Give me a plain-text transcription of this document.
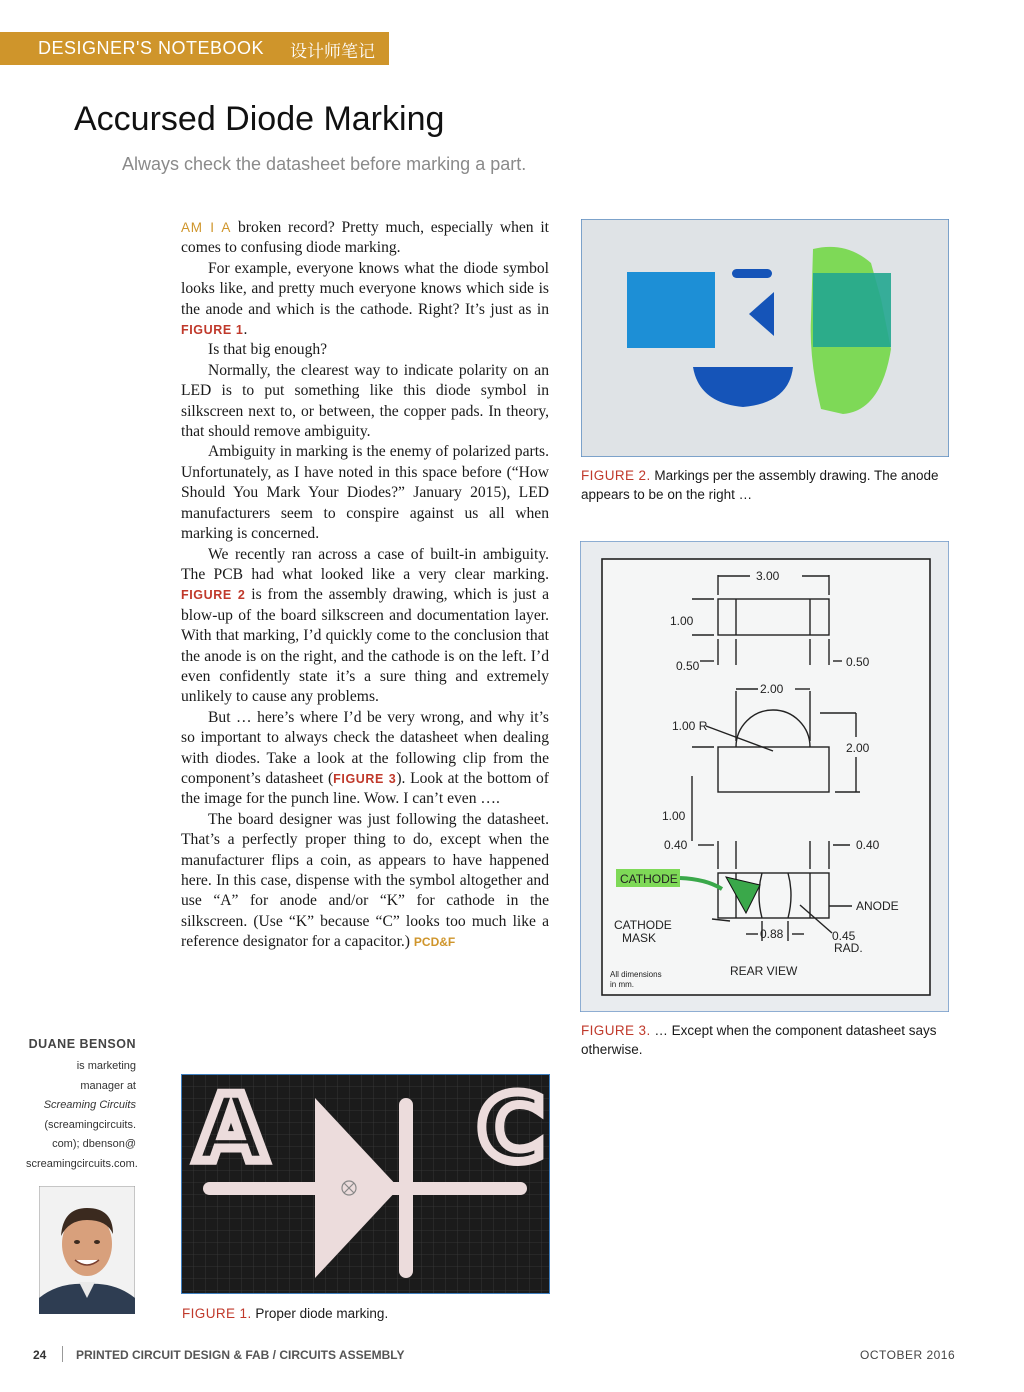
DESIGNER'S NOTEBOOK 设计师笔记
Accursed Diode Marking
Always check the datasheet before marking a part.

AM I A broken record? Pretty much, especially when it comes to confusing diode marking.

For example, everyone knows what the diode symbol looks like, and pretty much everyone knows which side is the anode and which is the cathode. Right? It’s just as in FIGURE 1.

Is that big enough?

Normally, the clearest way to indicate polarity on an LED is to put something like this diode symbol in silkscreen next to, or between, the copper pads. In theory, that should remove ambiguity.

Ambiguity in marking is the enemy of polarized parts. Unfortunately, as I have noted in this space before (“How Should You Mark Your Diodes?” January 2015), LED manufacturers seem to conspire against us all when marking is concerned.

We recently ran across a case of built-in ambiguity. The PCB had what looked like a very clear marking. FIGURE 2 is from the assembly drawing, which is just a blow-up of the board silkscreen and documentation layer. With that marking, I’d quickly come to the conclusion that the anode is on the right, and the cathode is on the left. I’d even confidently state it’s a sure thing and extremely unlikely to cause any problems.

But … here’s where I’d be very wrong, and why it’s so important to always check the datasheet when dealing with diodes. Take a look at the following clip from the component’s datasheet (FIGURE 3). Look at the bottom of the image for the punch line. Wow. I can’t even ….

The board designer was just following the datasheet. That’s a perfectly proper thing to do, except when the manufacturer flips a coin, as appears to have happened here. In this case, dispense with the symbol altogether and use “A” for anode and/or “K” for cathode in the silkscreen. (Use “K” because “C” looks too much like a reference designator for a capacitor.) PCD&F

FIGURE 2. Markings per the assembly drawing. The anode appears to be on the right …
3.00
1.00
0.50	0.50
2.00
1.00 R
2.00
1.00
0.40	0.40
0.88	0.45
RAD.
CATHODE
ANODE
CATHODE
MASK
REAR VIEW
All dimensions
in mm.
FIGURE 3. … Except when the component datasheet says otherwise.
A C
FIGURE 1. Proper diode marking.
DUANE BENSON
is marketing
manager at
Screaming Circuits
(screamingcircuits.
com); dbenson@
screamingcircuits.com.
24 PRINTED CIRCUIT DESIGN & FAB / CIRCUITS ASSEMBLY	OCTOBER 2016
